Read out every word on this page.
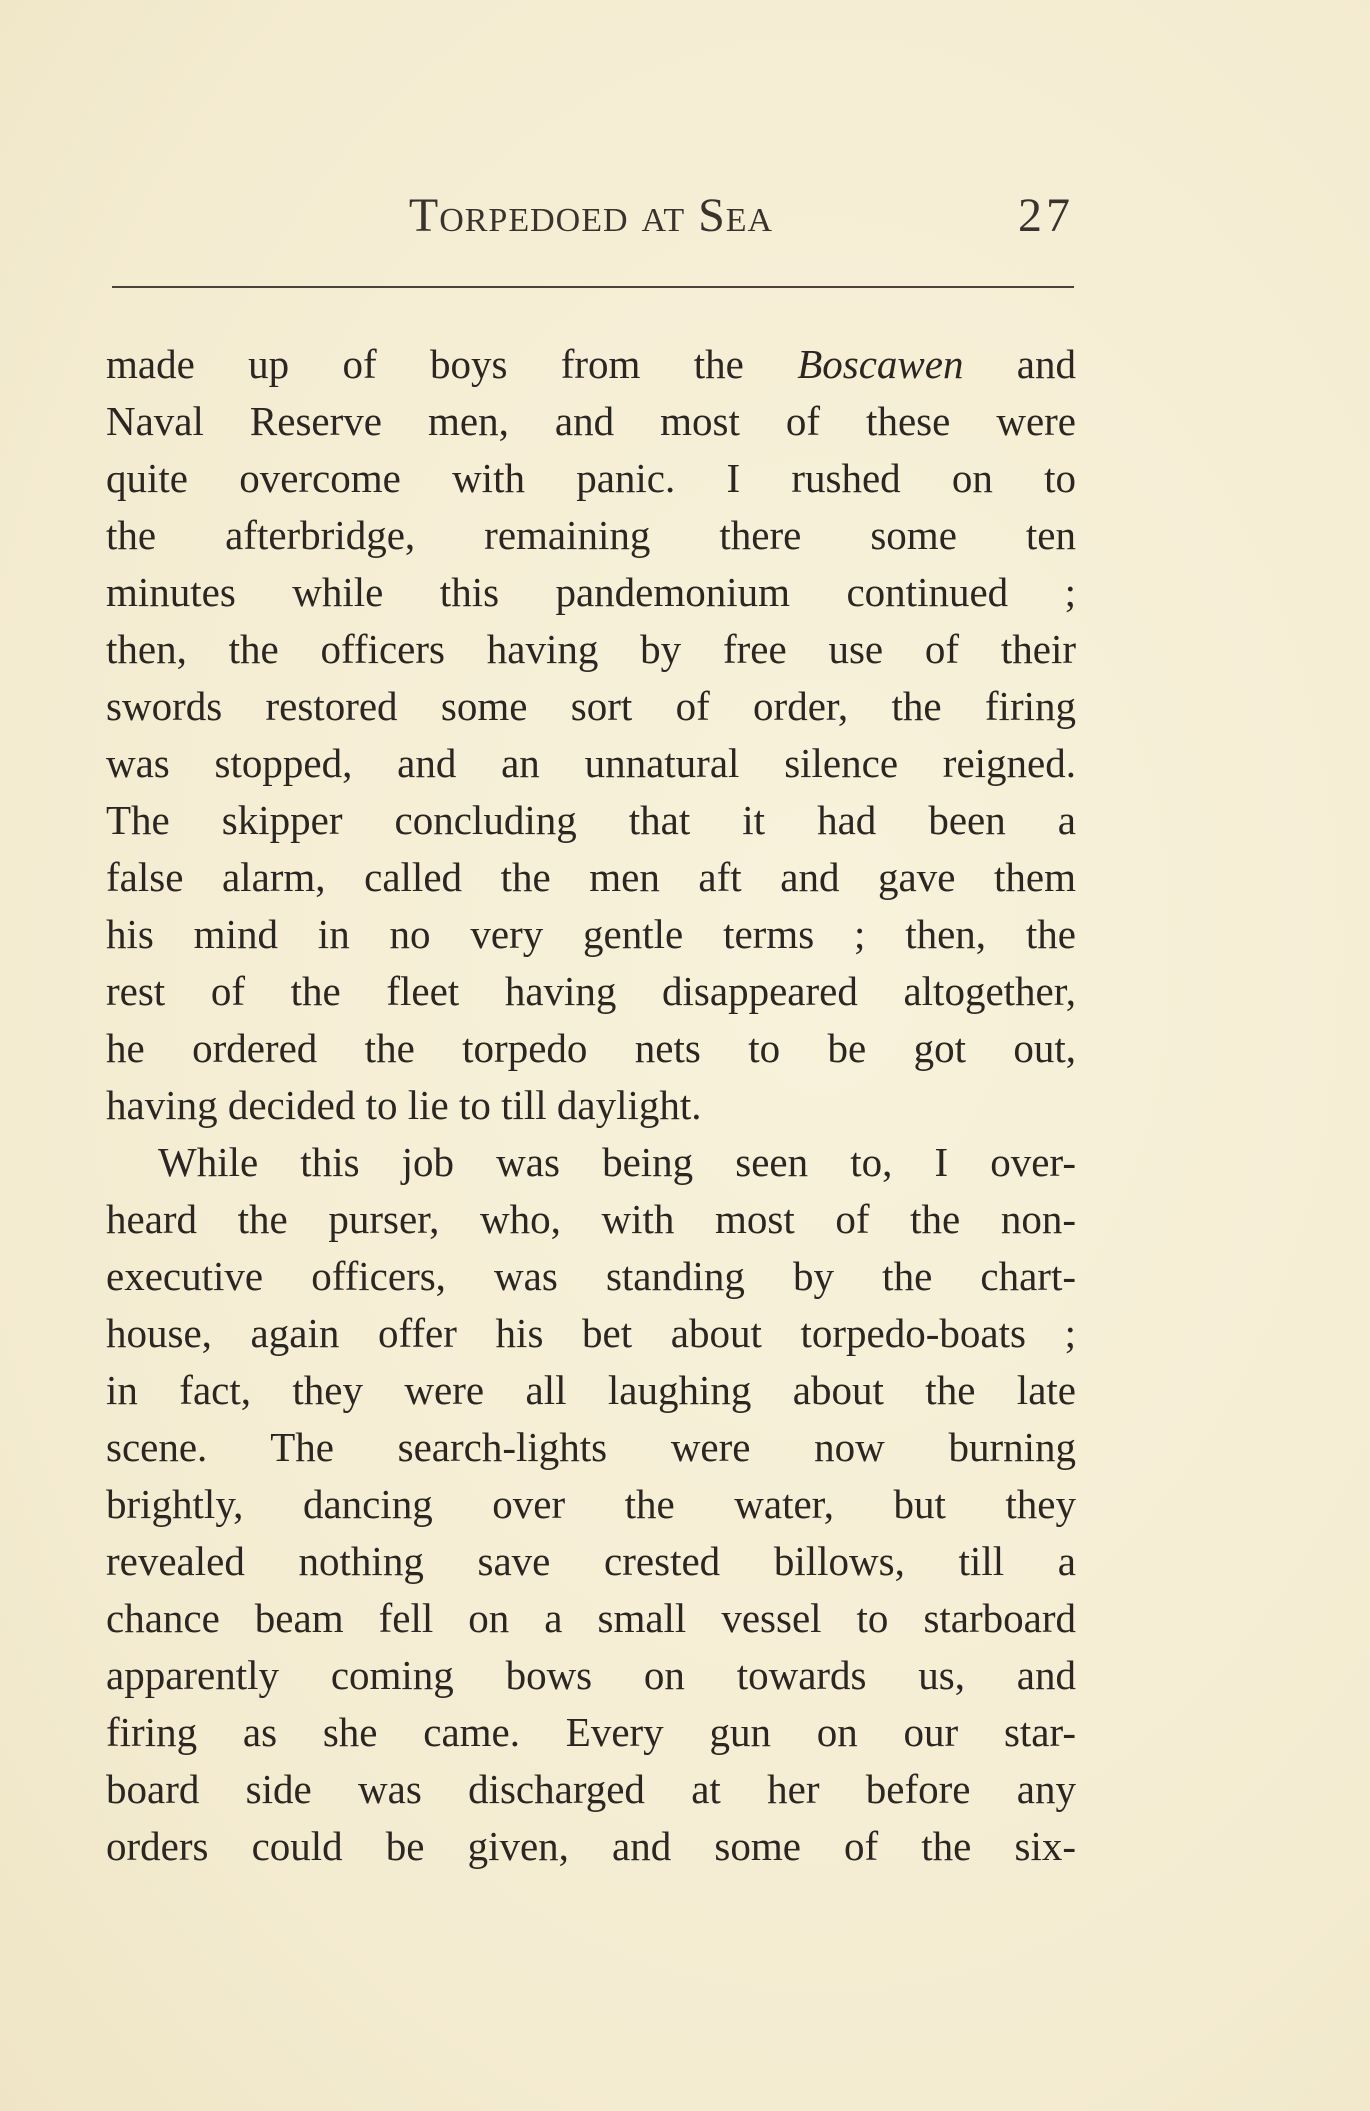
Torpedoed at Sea	27
made up of boys from the Boscawen and
Naval Reserve men, and most of these were
quite overcome with panic. I rushed on to
the afterbridge, remaining there some ten
minutes while this pandemonium continued ;
then, the officers having by free use of their
swords restored some sort of order, the firing
was stopped, and an unnatural silence reigned.
The skipper concluding that it had been a
false alarm, called the men aft and gave them
his mind in no very gentle terms ; then, the
rest of the fleet having disappeared altogether,
he ordered the torpedo nets to be got out,
having decided to lie to till daylight.
While this job was being seen to, I over-
heard the purser, who, with most of the non-
executive officers, was standing by the chart-
house, again offer his bet about torpedo-boats ;
in fact, they were all laughing about the late
scene. The search-lights were now burning
brightly, dancing over the water, but they
revealed nothing save crested billows, till a
chance beam fell on a small vessel to starboard
apparently coming bows on towards us, and
firing as she came. Every gun on our star-
board side was discharged at her before any
orders could be given, and some of the six-
